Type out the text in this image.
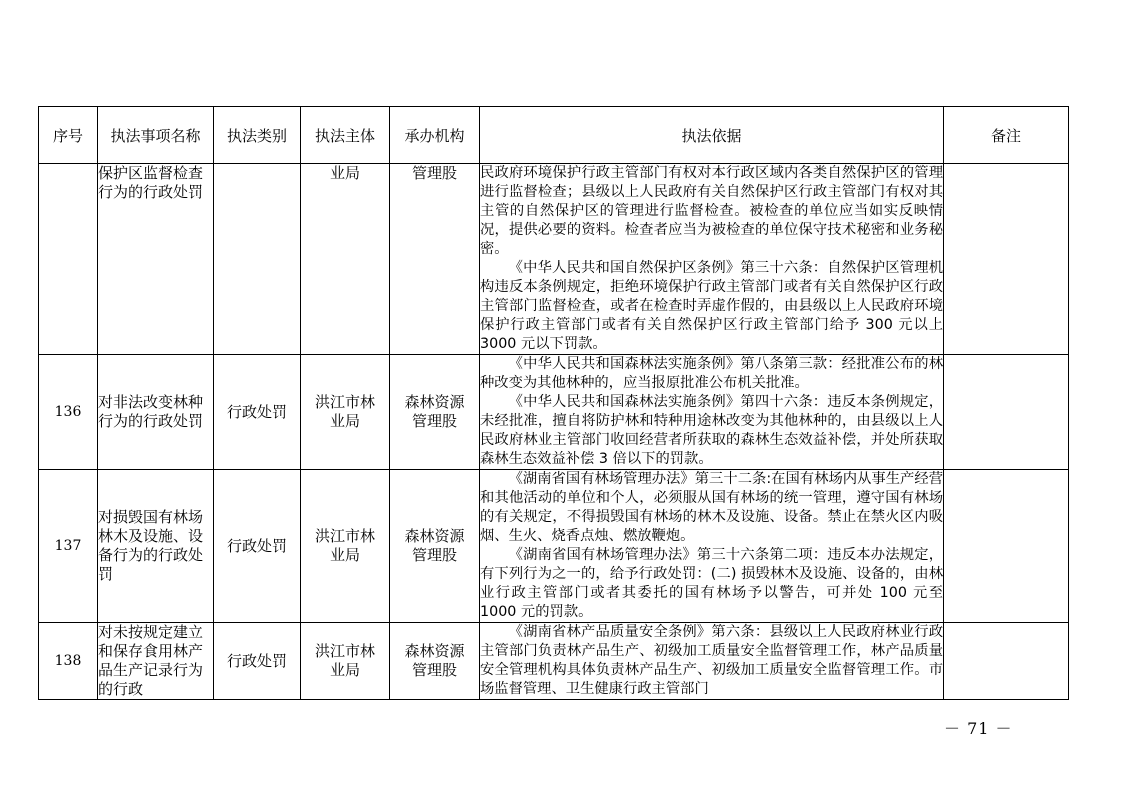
序号	执法事项名称	执法类别	执法主体	承办机构	执法依据	备注
	保护区监督检查行为的行政处罚		业局	管理股	民政府环境保护行政主管部门有权对本行政区域内各类自然保护区的管理进行监督检查；县级以上人民政府有关自然保护区行政主管部门有权对其主管的自然保护区的管理进行监督检查。被检查的单位应当如实反映情况，提供必要的资料。检查者应当为被检查的单位保守技术秘密和业务秘密。

《中华人民共和国自然保护区条例》第三十六条：自然保护区管理机构违反本条例规定，拒绝环境保护行政主管部门或者有关自然保护区行政主管部门监督检查，或者在检查时弄虚作假的，由县级以上人民政府环境保护行政主管部门或者有关自然保护区行政主管部门给予 300 元以上 3000 元以下罚款。	

136	对非法改变林种行为的行政处罚	行政处罚	洪江市林业局	森林资源管理股	《中华人民共和国森林法实施条例》第八条第三款：经批准公布的林种改变为其他林种的，应当报原批准公布机关批准。

《中华人民共和国森林法实施条例》第四十六条：违反本条例规定，未经批准，擅自将防护林和特种用途林改变为其他林种的，由县级以上人民政府林业主管部门收回经营者所获取的森林生态效益补偿，并处所获取森林生态效益补偿 3 倍以下的罚款。	

137	对损毁国有林场林木及设施、设备行为的行政处罚	行政处罚	洪江市林业局	森林资源管理股	《湖南省国有林场管理办法》第三十二条:在国有林场内从事生产经营和其他活动的单位和个人，必须服从国有林场的统一管理，遵守国有林场的有关规定，不得损毁国有林场的林木及设施、设备。禁止在禁火区内吸烟、生火、烧香点烛、燃放鞭炮。

《湖南省国有林场管理办法》第三十六条第二项：违反本办法规定，有下列行为之一的，给予行政处罚：(二) 损毁林木及设施、设备的，由林业行政主管部门或者其委托的国有林场予以警告，可并处 100 元至 1000 元的罚款。	

138	对未按规定建立和保存食用林产品生产记录行为的行政	行政处罚	洪江市林业局	森林资源管理股	《湖南省林产品质量安全条例》第六条：县级以上人民政府林业行政主管部门负责林产品生产、初级加工质量安全监督管理工作，林产品质量安全管理机构具体负责林产品生产、初级加工质量安全监督管理工作。市场监督管理、卫生健康行政主管部门	

－ 71 －
